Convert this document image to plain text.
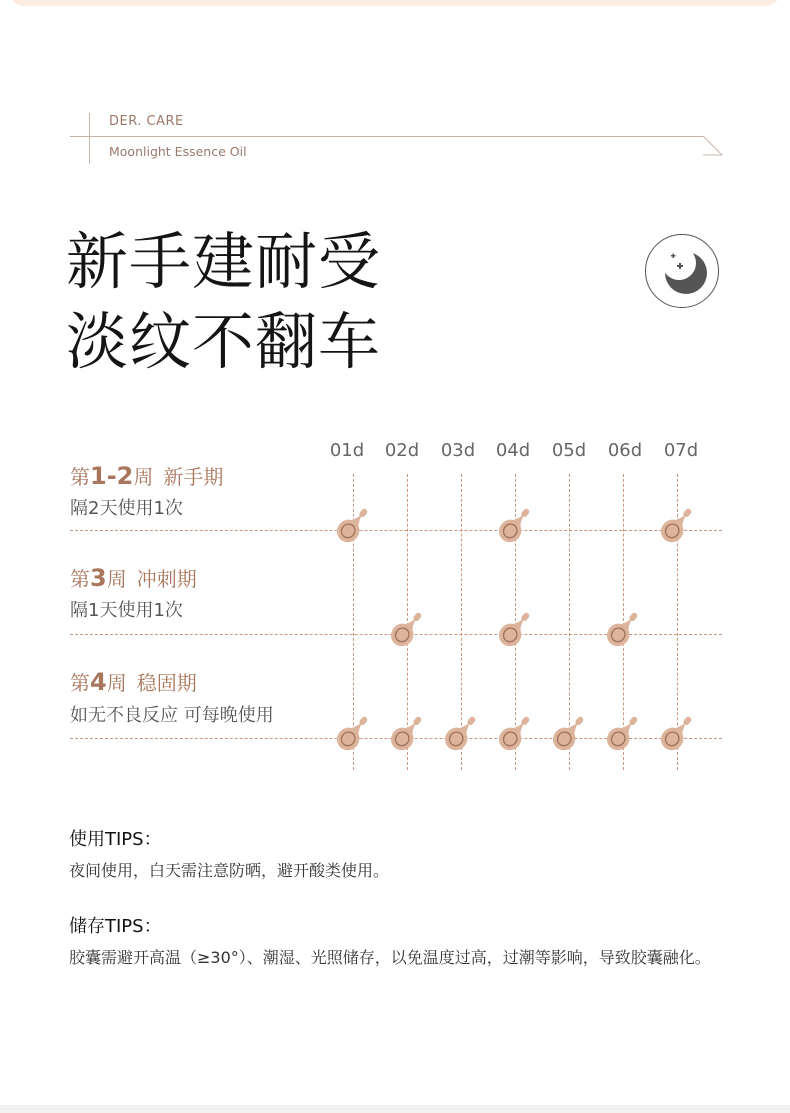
DER. CARE
Moonlight Essence Oil
新手建耐受
淡纹不翻车
01d 02d 03d 04d 05d 06d 07d
第1-2周 新手期
隔2天使用1次
第3周 冲刺期
隔1天使用1次
第4周 稳固期
如无不良反应 可每晚使用
使用TIPS：
夜间使用，白天需注意防晒，避开酸类使用。
储存TIPS：
胶囊需避开高温（≥30°）、潮湿、光照储存，以免温度过高，过潮等影响，导致胶囊融化。
